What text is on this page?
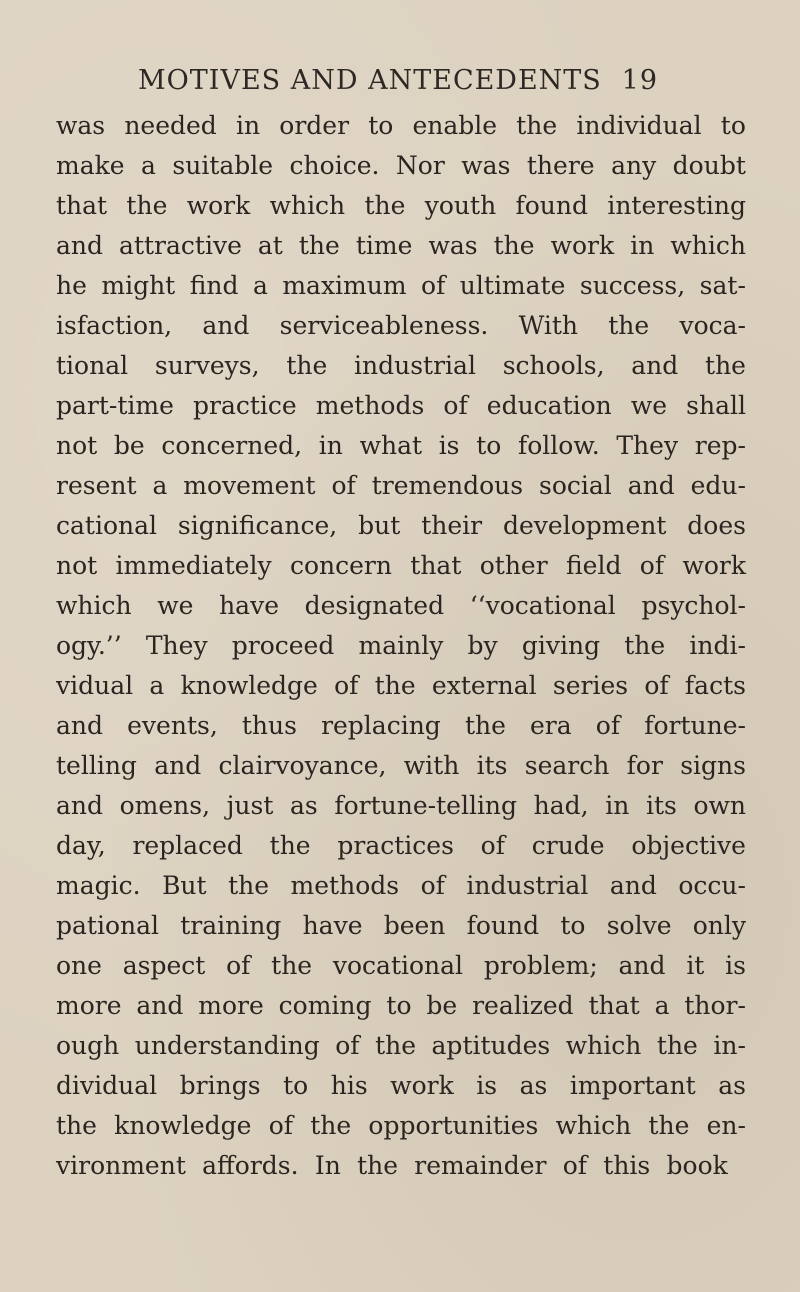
MOTIVES AND ANTECEDENTS 19
was needed in order to enable the individual to
make a suitable choice. Nor was there any doubt
that the work which the youth found interesting
and attractive at the time was the work in which
he might find a maximum of ultimate success, sat-
isfaction, and serviceableness. With the voca-
tional surveys, the industrial schools, and the
part-time practice methods of education we shall
not be concerned, in what is to follow. They rep-
resent a movement of tremendous social and edu-
cational significance, but their development does
not immediately concern that other field of work
which we have designated ‘‘vocational psychol-
ogy.’’ They proceed mainly by giving the indi-
vidual a knowledge of the external series of facts
and events, thus replacing the era of fortune-
telling and clairvoyance, with its search for signs
and omens, just as fortune-telling had, in its own
day, replaced the practices of crude objective
magic. But the methods of industrial and occu-
pational training have been found to solve only
one aspect of the vocational problem; and it is
more and more coming to be realized that a thor-
ough understanding of the aptitudes which the in-
dividual brings to his work is as important as
the knowledge of the opportunities which the en-
vironment affords. In the remainder of this book
